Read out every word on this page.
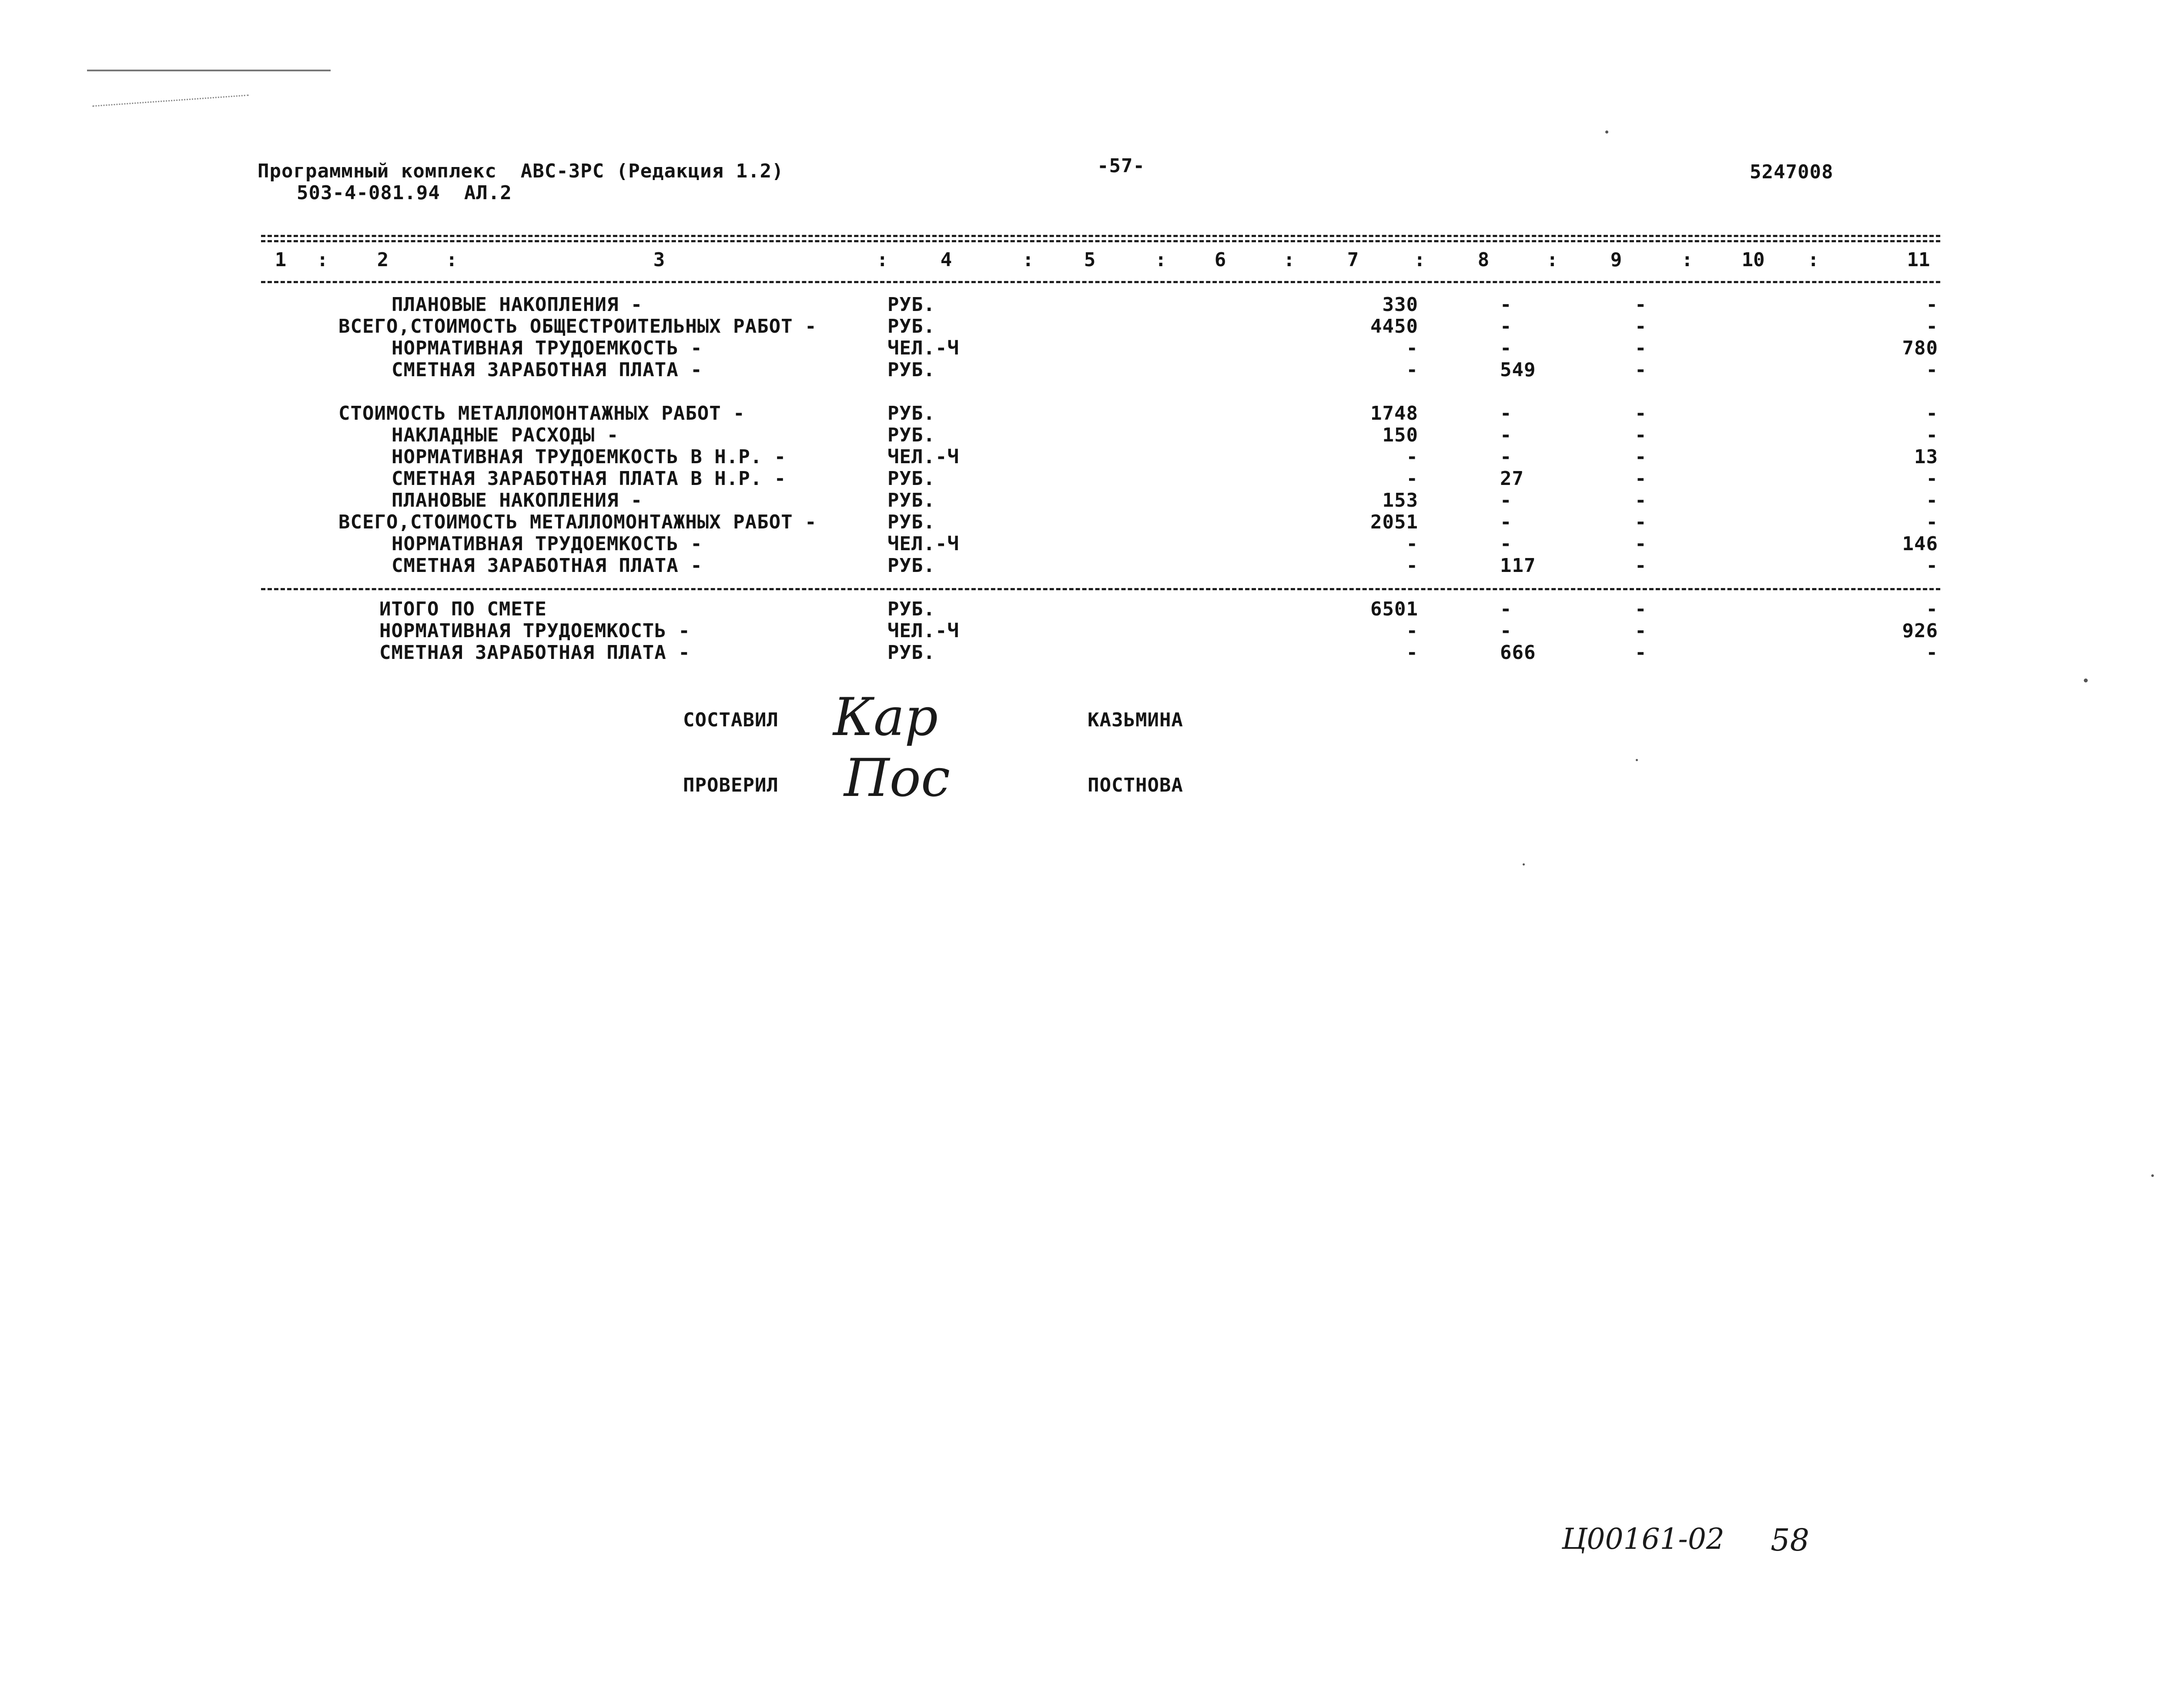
Программный комплекс  АВС-3РС (Редакция 1.2)
503-4-081.94  АЛ.2
-57-	5247008
1	2	3	4	5	6	7	8	9	10	11
:	:	:	:	:	:	:	:	:	:
ПЛАНОВЫЕ НАКОПЛЕНИЯ -	РУБ.	330	-	-	-
ВСЕГО,СТОИМОСТЬ ОБЩЕСТРОИТЕЛЬНЫХ РАБОТ -	РУБ.	4450	-	-	-
НОРМАТИВНАЯ ТРУДОЕМКОСТЬ -	ЧЕЛ.-Ч	-	-	-	780
СМЕТНАЯ ЗАРАБОТНАЯ ПЛАТА -	РУБ.	-	549	-	-
СТОИМОСТЬ МЕТАЛЛОМОНТАЖНЫХ РАБОТ -	РУБ.	1748	-	-	-
НАКЛАДНЫЕ РАСХОДЫ -	РУБ.	150	-	-	-
НОРМАТИВНАЯ ТРУДОЕМКОСТЬ В Н.Р. -	ЧЕЛ.-Ч	-	-	-	13
СМЕТНАЯ ЗАРАБОТНАЯ ПЛАТА В Н.Р. -	РУБ.	-	27	-	-
ПЛАНОВЫЕ НАКОПЛЕНИЯ -	РУБ.	153	-	-	-
ВСЕГО,СТОИМОСТЬ МЕТАЛЛОМОНТАЖНЫХ РАБОТ -	РУБ.	2051	-	-	-
НОРМАТИВНАЯ ТРУДОЕМКОСТЬ -	ЧЕЛ.-Ч	-	-	-	146
СМЕТНАЯ ЗАРАБОТНАЯ ПЛАТА -	РУБ.	-	117	-	-
ИТОГО ПО СМЕТЕ	РУБ.	6501	-	-	-
НОРМАТИВНАЯ ТРУДОЕМКОСТЬ -	ЧЕЛ.-Ч	-	-	-	926
СМЕТНАЯ ЗАРАБОТНАЯ ПЛАТА -	РУБ.	-	666	-	-
СОСТАВИЛ Кар	КАЗЬМИНА
ПРОВЕРИЛ Пос	ПОСТНОВА
Ц00161-02 58
